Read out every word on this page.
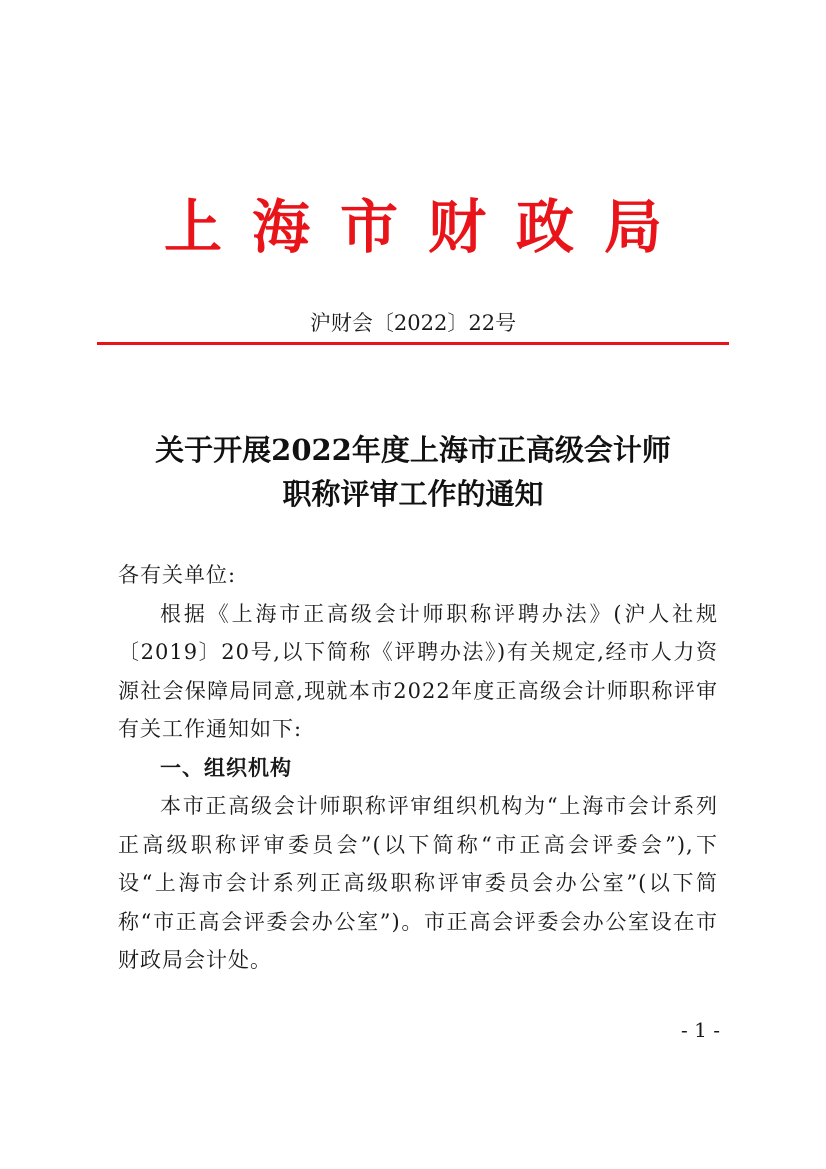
上海市财政局
沪财会〔2022〕22号
关于开展2022年度上海市正高级会计师
职称评审工作的通知

各有关单位:

根据《上海市正高级会计师职称评聘办法》(沪人社规〔2019〕20号,以下简称《评聘办法》)有关规定,经市人力资源社会保障局同意,现就本市2022年度正高级会计师职称评审有关工作通知如下:

一、组织机构

本市正高级会计师职称评审组织机构为“上海市会计系列正高级职称评审委员会”(以下简称“市正高会评委会”),下设“上海市会计系列正高级职称评审委员会办公室”(以下简称“市正高会评委会办公室”)。市正高会评委会办公室设在市财政局会计处。

- 1 -
